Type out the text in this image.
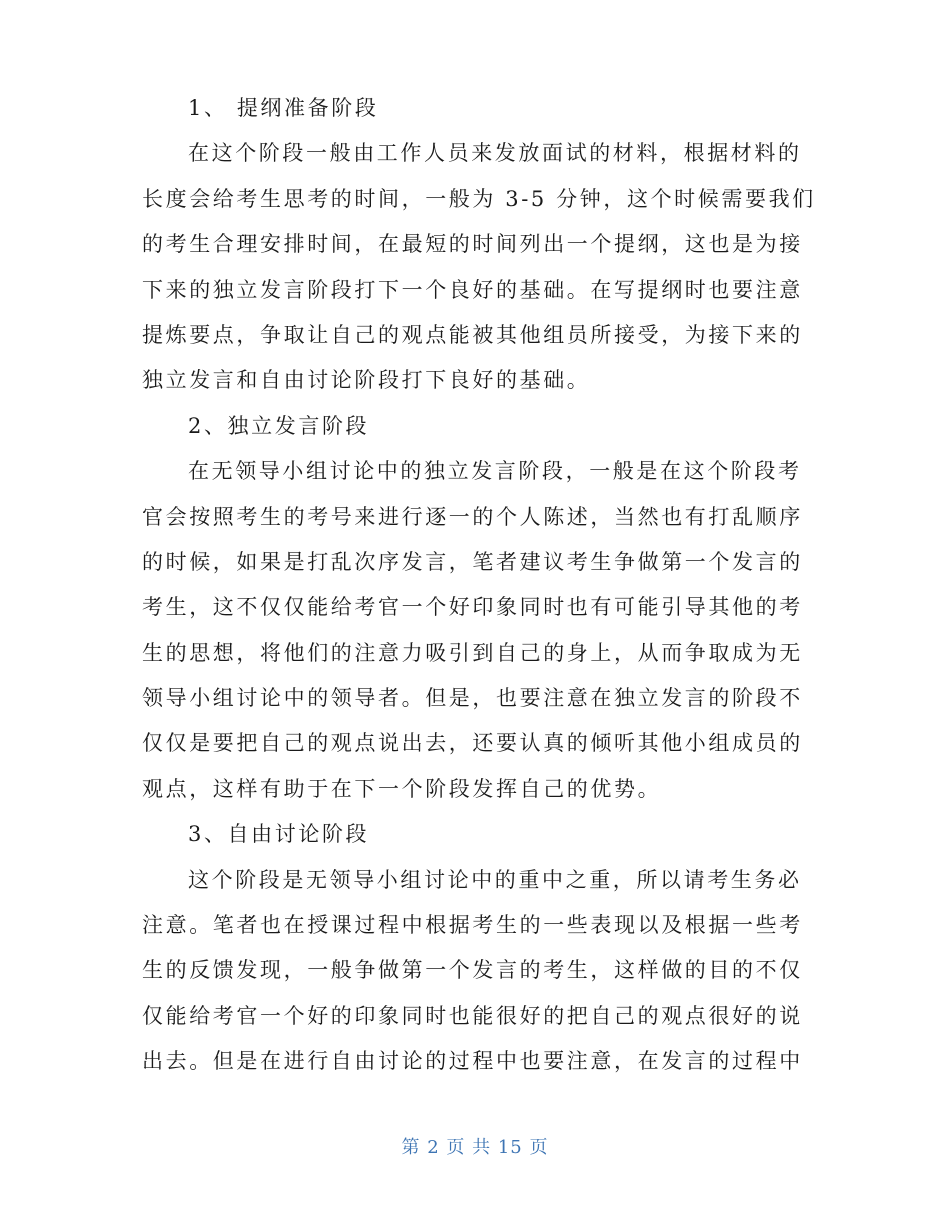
1、 提纲准备阶段
在这个阶段一般由工作人员来发放面试的材料，根据材料的
长度会给考生思考的时间，一般为 3-5 分钟，这个时候需要我们
的考生合理安排时间，在最短的时间列出一个提纲，这也是为接
下来的独立发言阶段打下一个良好的基础。在写提纲时也要注意
提炼要点，争取让自己的观点能被其他组员所接受，为接下来的
独立发言和自由讨论阶段打下良好的基础。
2、独立发言阶段
在无领导小组讨论中的独立发言阶段，一般是在这个阶段考
官会按照考生的考号来进行逐一的个人陈述，当然也有打乱顺序
的时候，如果是打乱次序发言，笔者建议考生争做第一个发言的
考生，这不仅仅能给考官一个好印象同时也有可能引导其他的考
生的思想，将他们的注意力吸引到自己的身上，从而争取成为无
领导小组讨论中的领导者。但是，也要注意在独立发言的阶段不
仅仅是要把自己的观点说出去，还要认真的倾听其他小组成员的
观点，这样有助于在下一个阶段发挥自己的优势。
3、自由讨论阶段
这个阶段是无领导小组讨论中的重中之重，所以请考生务必
注意。笔者也在授课过程中根据考生的一些表现以及根据一些考
生的反馈发现，一般争做第一个发言的考生，这样做的目的不仅
仅能给考官一个好的印象同时也能很好的把自己的观点很好的说
出去。但是在进行自由讨论的过程中也要注意，在发言的过程中
第 2 页 共 15 页
